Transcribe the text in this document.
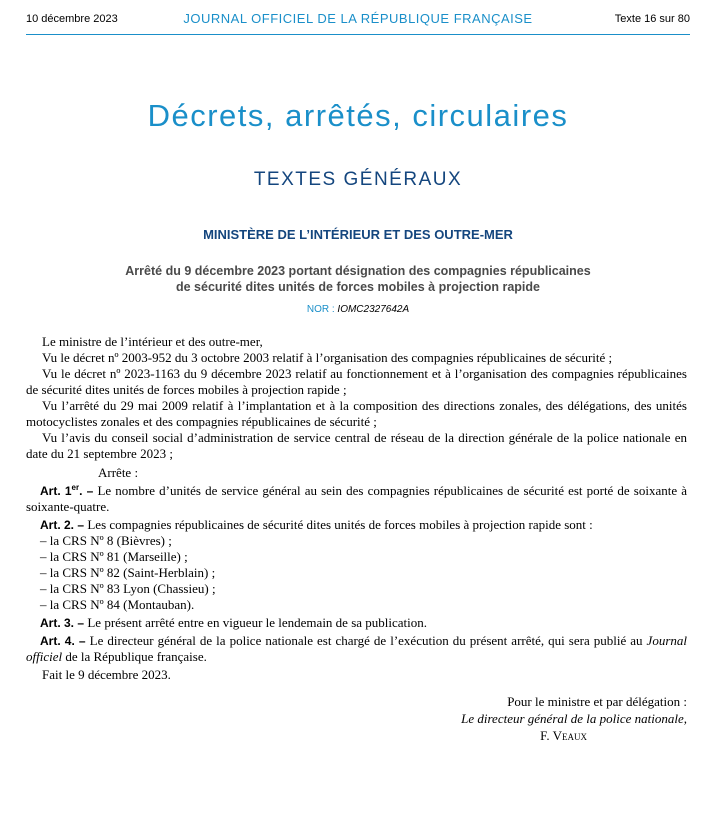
10 décembre 2023	JOURNAL OFFICIEL DE LA RÉPUBLIQUE FRANÇAISE	Texte 16 sur 80
Décrets, arrêtés, circulaires
TEXTES GÉNÉRAUX
MINISTÈRE DE L’INTÉRIEUR ET DES OUTRE-MER
Arrêté du 9 décembre 2023 portant désignation des compagnies républicaines
de sécurité dites unités de forces mobiles à projection rapide
NOR : IOMC2327642A

Le ministre de l’intérieur et des outre-mer,

Vu le décret nº 2003-952 du 3 octobre 2003 relatif à l’organisation des compagnies républicaines de sécurité ;

Vu le décret nº 2023-1163 du 9 décembre 2023 relatif au fonctionnement et à l’organisation des compagnies républicaines de sécurité dites unités de forces mobiles à projection rapide ;

Vu l’arrêté du 29 mai 2009 relatif à l’implantation et à la composition des directions zonales, des délégations, des unités motocyclistes zonales et des compagnies républicaines de sécurité ;

Vu l’avis du conseil social d’administration de service central de réseau de la direction générale de la police nationale en date du 21 septembre 2023 ;

Arrête :

Art. 1er. – Le nombre d’unités de service général au sein des compagnies républicaines de sécurité est porté de soixante à soixante-quatre.

Art. 2. – Les compagnies républicaines de sécurité dites unités de forces mobiles à projection rapide sont :

– la CRS Nº 8 (Bièvres) ;

– la CRS Nº 81 (Marseille) ;

– la CRS Nº 82 (Saint-Herblain) ;

– la CRS Nº 83 Lyon (Chassieu) ;

– la CRS Nº 84 (Montauban).

Art. 3. – Le présent arrêté entre en vigueur le lendemain de sa publication.

Art. 4. – Le directeur général de la police nationale est chargé de l’exécution du présent arrêté, qui sera publié au Journal officiel de la République française.

Fait le 9 décembre 2023.

Pour le ministre et par délégation :
Le directeur général de la police nationale,
F. Veaux
